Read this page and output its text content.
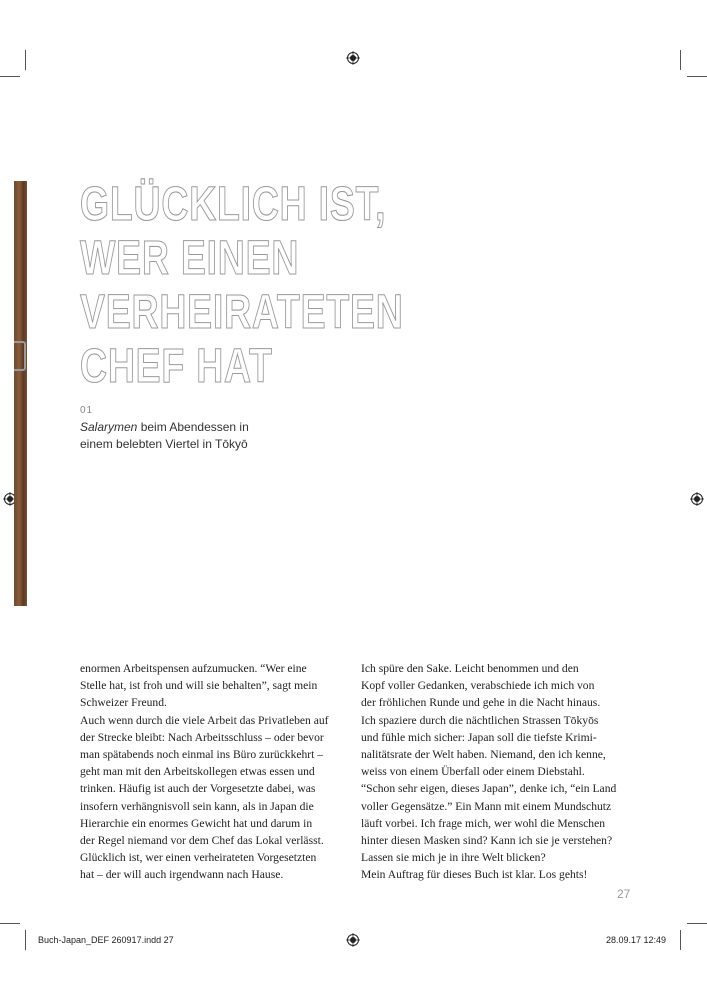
GLÜCKLICH IST,
WER EINEN
VERHEIRATETEN
CHEF HAT
01
Salarymen beim Abendessen in
einem belebten Viertel in Tōkyō
enormen Arbeitspensen aufzumucken. “Wer eine
Stelle hat, ist froh und will sie behalten”, sagt mein
Schweizer Freund.
Auch wenn durch die viele Arbeit das Privatleben auf
der Strecke bleibt: Nach Arbeitsschluss – oder bevor
man spätabends noch einmal ins Büro zurückkehrt –
geht man mit den Arbeitskollegen etwas essen und
trinken. Häufig ist auch der Vorgesetzte dabei, was
insofern verhängnisvoll sein kann, als in Japan die
Hierarchie ein enormes Gewicht hat und darum in
der Regel niemand vor dem Chef das Lokal verlässt.
Glücklich ist, wer einen verheirateten Vorgesetzten
hat – der will auch irgendwann nach Hause.
Ich spüre den Sake. Leicht benommen und den
Kopf voller Gedanken, verabschiede ich mich von
der fröhlichen Runde und gehe in die Nacht hinaus.
Ich spaziere durch die nächtlichen Strassen Tōkyōs
und fühle mich sicher: Japan soll die tiefste Krimi-
nalitätsrate der Welt haben. Niemand, den ich kenne,
weiss von einem Überfall oder einem Diebstahl.
“Schon sehr eigen, dieses Japan”, denke ich, “ein Land
voller Gegensätze.” Ein Mann mit einem Mundschutz
läuft vorbei. Ich frage mich, wer wohl die Menschen
hinter diesen Masken sind? Kann ich sie je verstehen?
Lassen sie mich je in ihre Welt blicken?
Mein Auftrag für dieses Buch ist klar. Los gehts!
27
Buch-Japan_DEF 260917.indd 27	28.09.17 12:49
